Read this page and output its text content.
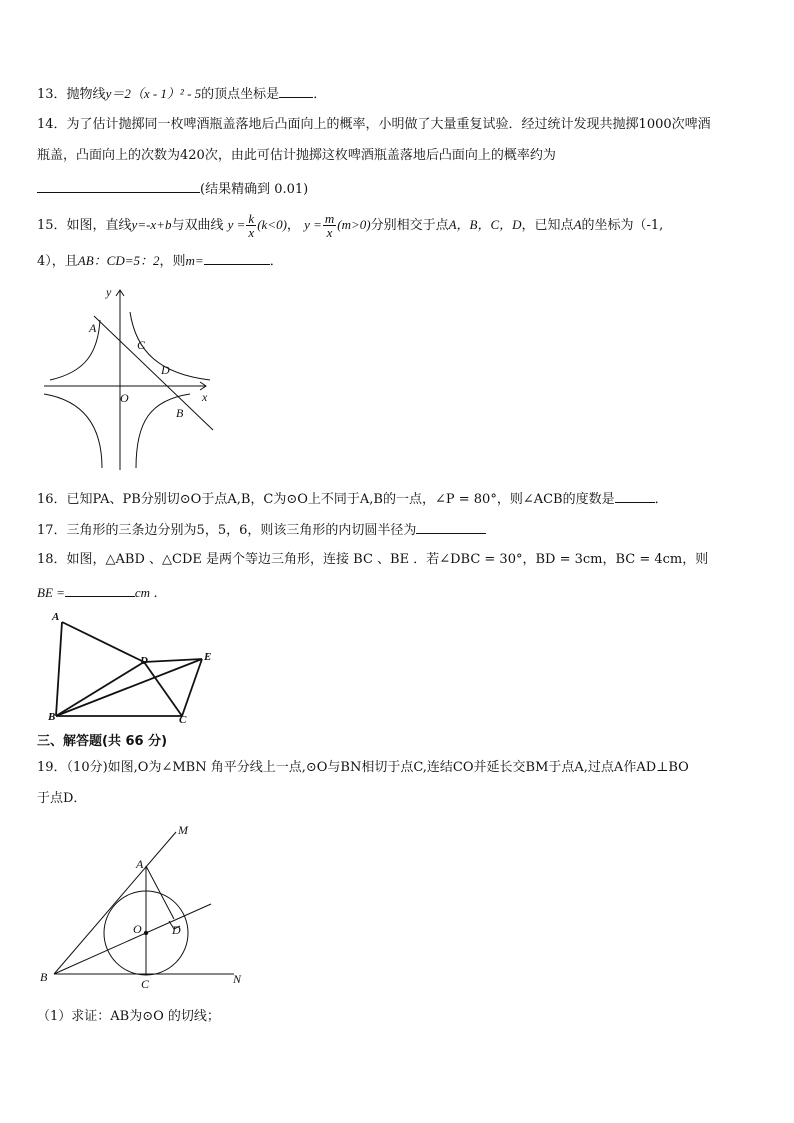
13．抛物线y＝2（x - 1）² - 5的顶点坐标是	．
14．为了估计抛掷同一枚啤酒瓶盖落地后凸面向上的概率，小明做了大量重复试验．经过统计发现共抛掷1000次啤酒
瓶盖，凸面向上的次数为420次，由此可估计抛掷这枚啤酒瓶盖落地后凸面向上的概率约为
(结果精确到 0.01)
15．如图，直线y=-x+b与双曲线 $y = \frac{k}{x} (k<0)$， $y = \frac{m}{x} (m>0)$分别相交于点A，B，C，D，已知点A的坐标为（-1,
4），且AB：CD=5：2，则m=	．
y
x
O
A
C
D
B
16．已知PA、PB分别切⊙O于点A,B，C为⊙O上不同于A,B的一点，∠P = 80°，则∠ACB的度数是	．
17．三角形的三条边分别为5，5，6，则该三角形的内切圆半径为
18．如图，△ABD 、△CDE 是两个等边三角形，连接 BC 、BE ．若∠DBC = 30°，BD = 3cm，BC = 4cm，则
BE =	cm ．
A
D	E
B	C
三、解答题(共 66 分)
19．（10分)如图,O为∠MBN 角平分线上一点,⊙O与BN相切于点C,连结CO并延长交BM于点A,过点A作AD⊥BO
于点D．
M
A
O	D
B	C	N
（1）求证：AB为⊙O 的切线；
